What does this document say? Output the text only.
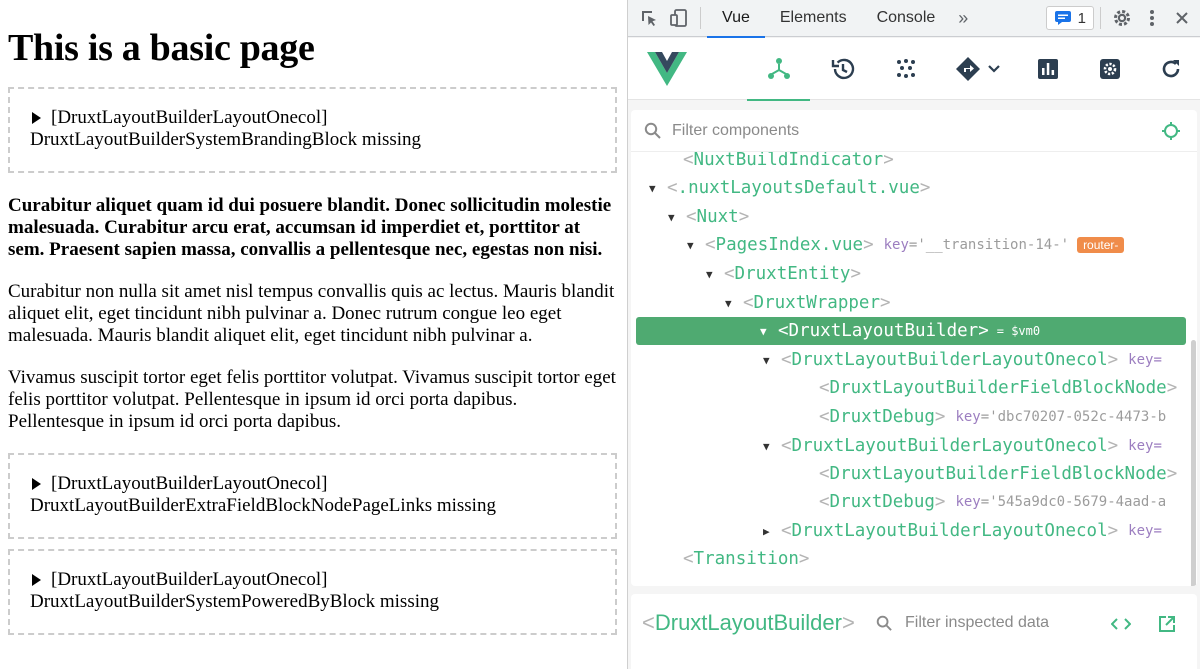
This is a basic page
[DruxtLayoutBuilderLayoutOnecol]
DruxtLayoutBuilderSystemBrandingBlock missing

Curabitur aliquet quam id dui posuere blandit. Donec sollicitudin molestie malesuada. Curabitur arcu erat, accumsan id imperdiet et, porttitor at sem. Praesent sapien massa, convallis a pellentesque nec, egestas non nisi.

Curabitur non nulla sit amet nisl tempus convallis quis ac lectus. Mauris blandit aliquet elit, eget tincidunt nibh pulvinar a. Donec rutrum congue leo eget malesuada. Mauris blandit aliquet elit, eget tincidunt nibh pulvinar a.

Vivamus suscipit tortor eget felis porttitor volutpat. Vivamus suscipit tortor eget felis porttitor volutpat. Pellentesque in ipsum id orci porta dapibus. Pellentesque in ipsum id orci porta dapibus.

[DruxtLayoutBuilderLayoutOnecol]
DruxtLayoutBuilderExtraFieldBlockNodePageLinks missing
[DruxtLayoutBuilderLayoutOnecol]
DruxtLayoutBuilderSystemPoweredByBlock missing
Vue Elements Console	»	1
Filter components
< NuxtBuildIndicator >
▼ < .nuxtLayoutsDefault.vue >
▼ < Nuxt >
▼ < PagesIndex.vue > key='__transition-14-'	router-
▼ < DruxtEntity >
▼ < DruxtWrapper >
▼ < DruxtLayoutBuilder > = $vm0
▼ < DruxtLayoutBuilderLayoutOnecol > key=
< DruxtLayoutBuilderFieldBlockNode >
< DruxtDebug > key='dbc70207-052c-4473-b
▼ < DruxtLayoutBuilderLayoutOnecol > key=
< DruxtLayoutBuilderFieldBlockNode >
< DruxtDebug > key='545a9dc0-5679-4aad-a
▶ < DruxtLayoutBuilderLayoutOnecol > key=
< Transition >
<DruxtLayoutBuilder>	Filter inspected data
